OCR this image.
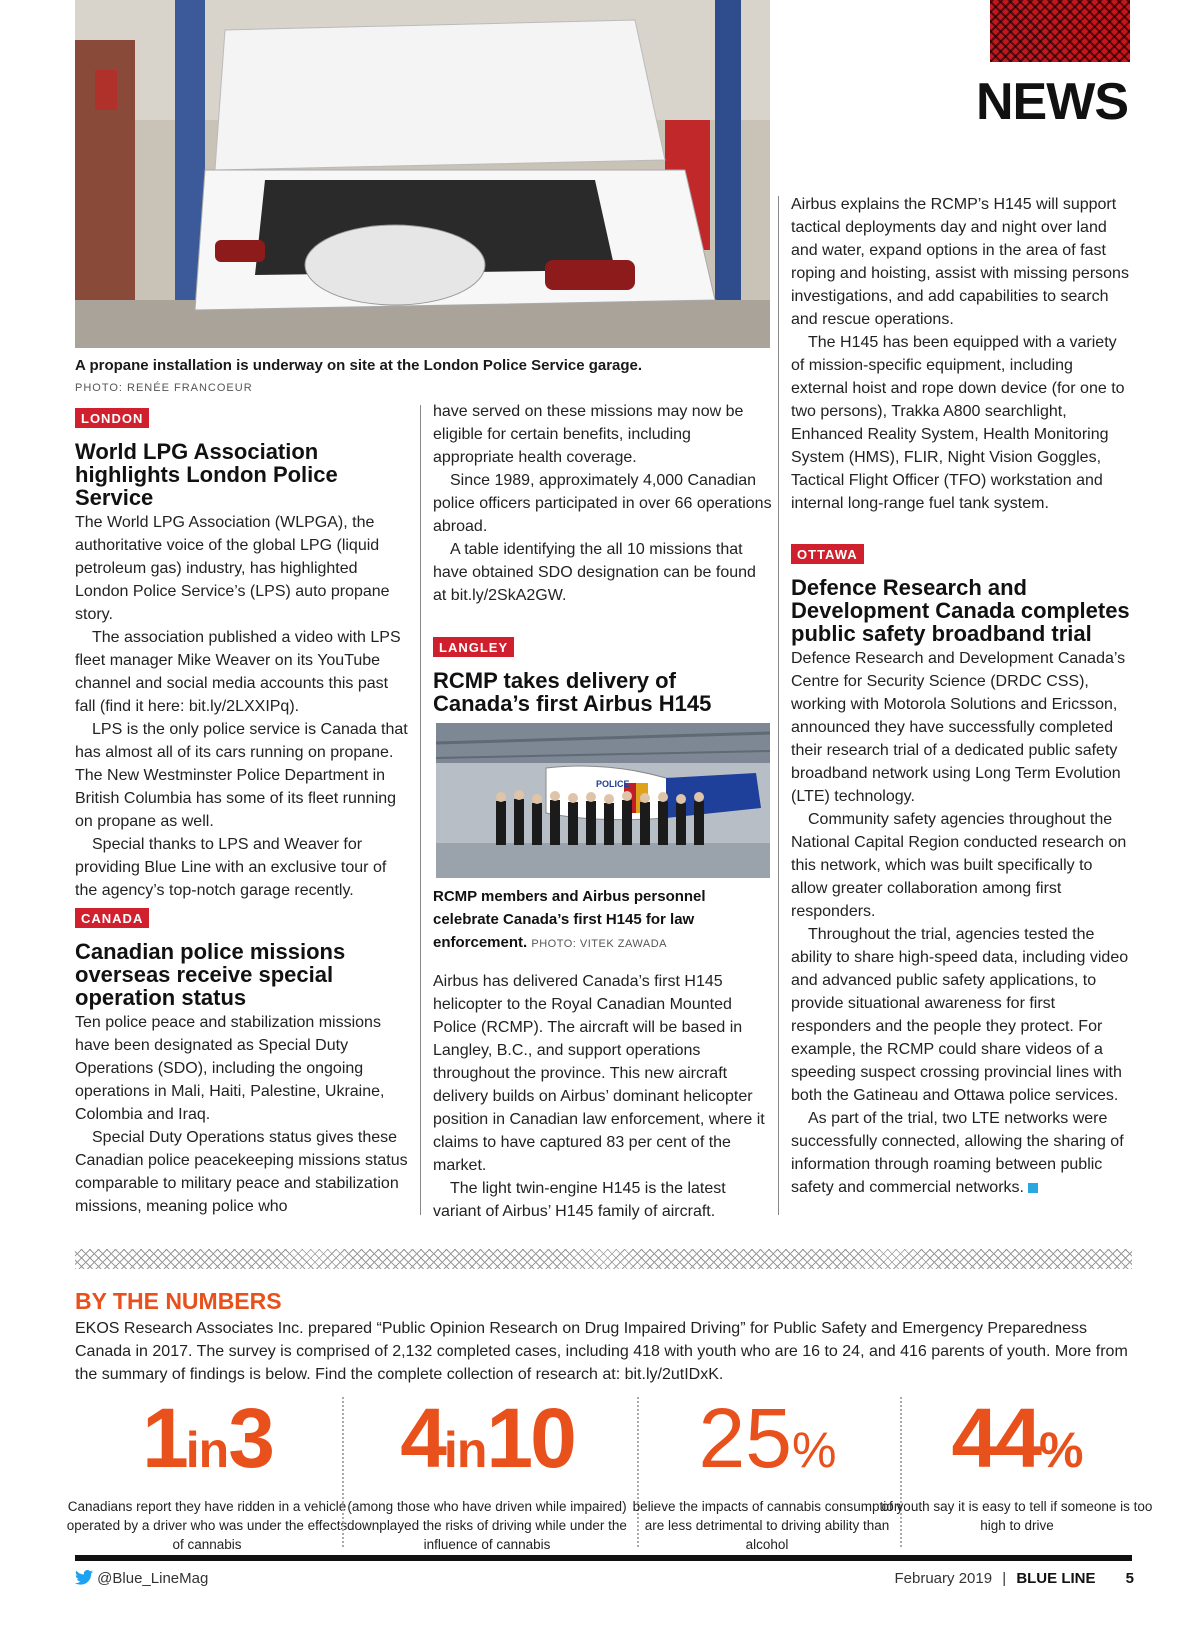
NEWS
A propane installation is underway on site at the London Police Service garage.
PHOTO: RENÉE FRANCOEUR
LONDON
World LPG Association highlights London Police Service

The World LPG Association (WLPGA), the authoritative voice of the global LPG (liquid petroleum gas) industry, has highlighted London Police Service’s (LPS) auto propane story.

The association published a video with LPS fleet manager Mike Weaver on its YouTube channel and social media accounts this past fall (find it here: bit.ly/2LXXIPq).

LPS is the only police service is Canada that has almost all of its cars running on propane. The New Westminster Police Department in British Columbia has some of its fleet running on propane as well.

Special thanks to LPS and Weaver for providing Blue Line with an exclusive tour of the agency’s top-notch garage recently.

CANADA
Canadian police missions overseas receive special operation status

Ten police peace and stabilization missions have been designated as Special Duty Operations (SDO), including the ongoing operations in Mali, Haiti, Palestine, Ukraine, Colombia and Iraq.

Special Duty Operations status gives these Canadian police peacekeeping missions status comparable to military peace and stabilization missions, meaning police who

have served on these missions may now be eligible for certain benefits, including appropriate health coverage.

Since 1989, approximately 4,000 Canadian police officers participated in over 66 operations abroad.

A table identifying the all 10 missions that have obtained SDO designation can be found at bit.ly/2SkA2GW.

LANGLEY
RCMP takes delivery of Canada’s first Airbus H145
POLICE
RCMP members and Airbus personnel celebrate Canada’s first H145 for law enforcement. PHOTO: VITEK ZAWADA

Airbus has delivered Canada’s first H145 helicopter to the Royal Canadian Mounted Police (RCMP). The aircraft will be based in Langley, B.C., and support operations throughout the province. This new aircraft delivery builds on Airbus’ dominant helicopter position in Canadian law enforcement, where it claims to have captured 83 per cent of the market.

The light twin-engine H145 is the latest variant of Airbus’ H145 family of aircraft.

Airbus explains the RCMP’s H145 will support tactical deployments day and night over land and water, expand options in the area of fast roping and hoisting, assist with missing persons investigations, and add capabilities to search and rescue operations.

The H145 has been equipped with a variety of mission-specific equipment, including external hoist and rope down device (for one to two persons), Trakka A800 searchlight, Enhanced Reality System, Health Monitoring System (HMS), FLIR, Night Vision Goggles, Tactical Flight Officer (TFO) workstation and internal long-range fuel tank system.

OTTAWA
Defence Research and Development Canada completes public safety broadband trial

Defence Research and Development Canada’s Centre for Security Science (DRDC CSS), working with Motorola Solutions and Ericsson, announced they have successfully completed their research trial of a dedicated public safety broadband network using Long Term Evolution (LTE) technology.

Community safety agencies throughout the National Capital Region conducted research on this network, which was built specifically to allow greater collaboration among first responders.

Throughout the trial, agencies tested the ability to share high-speed data, including video and advanced public safety applications, to provide situational awareness for first responders and the people they protect. For example, the RCMP could share videos of a speeding suspect crossing provincial lines with both the Gatineau and Ottawa police services.

As part of the trial, two LTE networks were successfully connected, allowing the sharing of information through roaming between public safety and commercial networks.

BY THE NUMBERS
EKOS Research Associates Inc. prepared “Public Opinion Research on Drug Impaired Driving” for Public Safety and Emergency Preparedness Canada in 2017. The survey is comprised of 2,132 completed cases, including 418 with youth who are 16 to 24, and 416 parents of youth. More from the summary of findings is below. Find the complete collection of research at: bit.ly/2utIDxK.
1in3
Canadians report they have ridden in a vehicle operated by a driver who was under the effects of cannabis
4in10
(among those who have driven while impaired) downplayed the risks of driving while under the influence of cannabis
25%
believe the impacts of cannabis consumption are less detrimental to driving ability than alcohol
44%
of youth say it is easy to tell if someone is too high to drive
@Blue_LineMag	February 2019 | BLUE LINE 5
